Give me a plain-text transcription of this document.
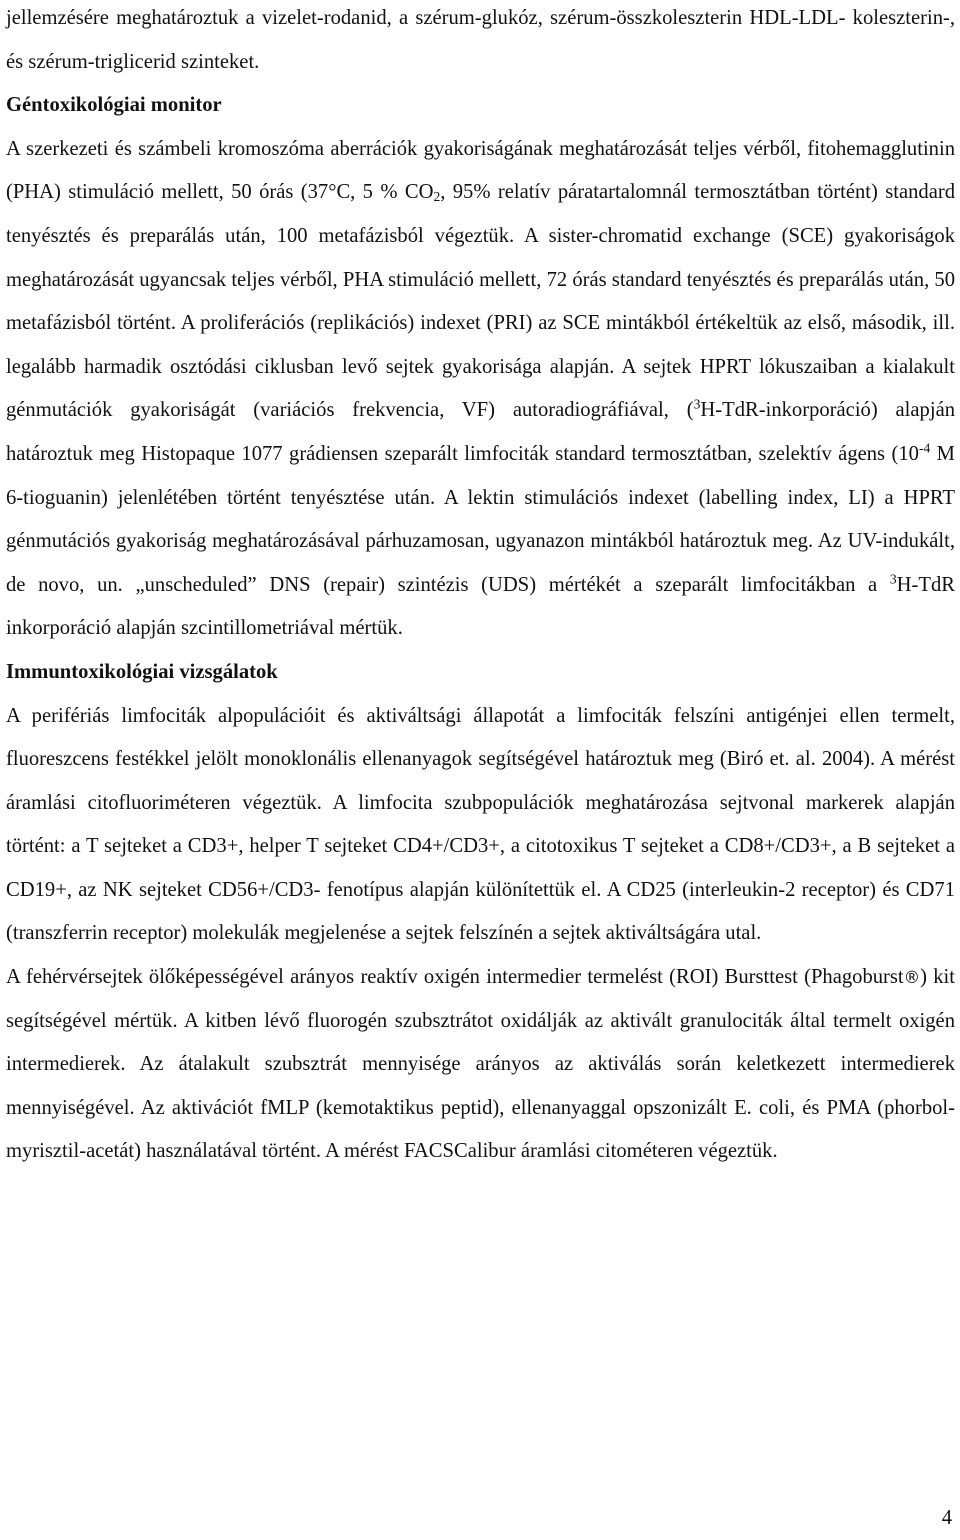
jellemzésére meghatároztuk a vizelet-rodanid, a szérum-glukóz, szérum-összkoleszterin HDL-LDL- koleszterin-, és szérum-triglicerid szinteket.

Géntoxikológiai monitor

A szerkezeti és számbeli kromoszóma aberrációk gyakoriságának meghatározását teljes vérből, fitohemagglutinin (PHA) stimuláció mellett, 50 órás (37°C, 5 % $CO_2$, 95% relatív páratartalomnál termosztátban történt) standard tenyésztés és preparálás után, 100 metafázisból végeztük. A sister-chromatid exchange (SCE) gyakoriságok meghatározását ugyancsak teljes vérből, PHA stimuláció mellett, 72 órás standard tenyésztés és preparálás után, 50 metafázisból történt. A proliferációs (replikációs) indexet (PRI) az SCE mintákból értékeltük az első, második, ill. legalább harmadik osztódási ciklusban levő sejtek gyakorisága alapján. A sejtek HPRT lókuszaiban a kialakult génmutációk gyakoriságát (variációs frekvencia, VF) autoradiográfiával, ($^3$H-TdR-inkorporáció) alapján határoztuk meg Histopaque 1077 grádiensen szeparált limfociták standard termosztátban, szelektív ágens ($10^{-4}$ M 6-tioguanin) jelenlétében történt tenyésztése után. A lektin stimulációs indexet (labelling index, LI) a HPRT génmutációs gyakoriság meghatározásával párhuzamosan, ugyanazon mintákból határoztuk meg. Az UV-indukált, de novo, un. „unscheduled” DNS (repair) szintézis (UDS) mértékét a szeparált limfocitákban a $^3$H-TdR inkorporáció alapján szcintillometriával mértük.

Immuntoxikológiai vizsgálatok

A perifériás limfociták alpopulációit és aktiváltsági állapotát a limfociták felszíni antigénjei ellen termelt, fluoreszcens festékkel jelölt monoklonális ellenanyagok segítségével határoztuk meg (Biró et. al. 2004). A mérést áramlási citofluoriméteren végeztük. A limfocita szubpopulációk meghatározása sejtvonal markerek alapján történt: a T sejteket a CD3+, helper T sejteket CD4+/CD3+, a citotoxikus T sejteket a CD8+/CD3+, a B sejteket a CD19+, az NK sejteket CD56+/CD3- fenotípus alapján különítettük el. A CD25 (interleukin-2 receptor) és CD71 (transzferrin receptor) molekulák megjelenése a sejtek felszínén a sejtek aktiváltságára utal.

A fehérvérsejtek ölőképességével arányos reaktív oxigén intermedier termelést (ROI) Bursttest (Phagoburst®) kit segítségével mértük. A kitben lévő fluorogén szubsztrátot oxidálják az aktivált granulociták által termelt oxigén intermedierek. Az átalakult szubsztrát mennyisége arányos az aktiválás során keletkezett intermedierek mennyiségével. Az aktivációt fMLP (kemotaktikus peptid), ellenanyaggal opszonizált E. coli, és PMA (phorbol-myrisztil-acetát) használatával történt. A mérést FACSCalibur áramlási citométeren végeztük.

4
